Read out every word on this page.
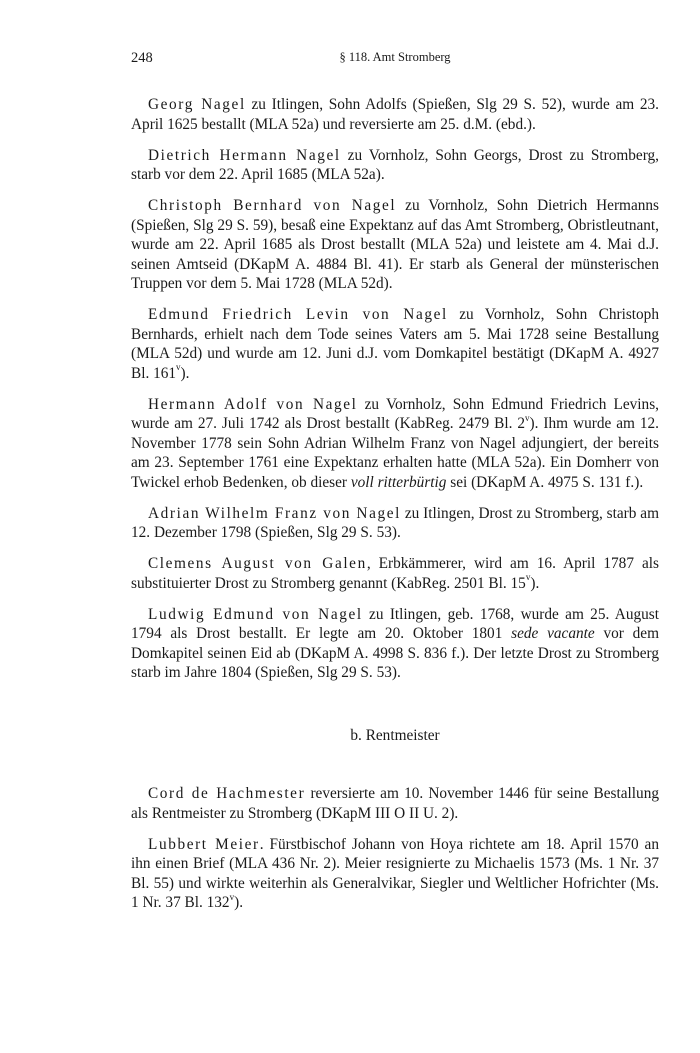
248	§ 118. Amt Stromberg

Georg Nagel zu Itlingen, Sohn Adolfs (Spießen, Slg 29 S. 52), wurde am 23. April 1625 bestallt (MLA 52a) und reversierte am 25. d.M. (ebd.).

Dietrich Hermann Nagel zu Vornholz, Sohn Georgs, Drost zu Stromberg, starb vor dem 22. April 1685 (MLA 52a).

Christoph Bernhard von Nagel zu Vornholz, Sohn Dietrich Hermanns (Spießen, Slg 29 S. 59), besaß eine Expektanz auf das Amt Stromberg, Obristleutnant, wurde am 22. April 1685 als Drost bestallt (MLA 52a) und leistete am 4. Mai d.J. seinen Amtseid (DKapM A. 4884 Bl. 41). Er starb als General der münsterischen Truppen vor dem 5. Mai 1728 (MLA 52d).

Edmund Friedrich Levin von Nagel zu Vornholz, Sohn Christoph Bernhards, erhielt nach dem Tode seines Vaters am 5. Mai 1728 seine Bestallung (MLA 52d) und wurde am 12. Juni d.J. vom Domkapitel bestätigt (DKapM A. 4927 Bl. 161$^v$).

Hermann Adolf von Nagel zu Vornholz, Sohn Edmund Friedrich Levins, wurde am 27. Juli 1742 als Drost bestallt (KabReg. 2479 Bl. 2$^v$). Ihm wurde am 12. November 1778 sein Sohn Adrian Wilhelm Franz von Nagel adjungiert, der bereits am 23. September 1761 eine Expektanz erhalten hatte (MLA 52a). Ein Domherr von Twickel erhob Bedenken, ob dieser voll ritterbürtig sei (DKapM A. 4975 S. 131 f.).

Adrian Wilhelm Franz von Nagel zu Itlingen, Drost zu Stromberg, starb am 12. Dezember 1798 (Spießen, Slg 29 S. 53).

Clemens August von Galen, Erbkämmerer, wird am 16. April 1787 als substituierter Drost zu Stromberg genannt (KabReg. 2501 Bl. 15$^v$).

Ludwig Edmund von Nagel zu Itlingen, geb. 1768, wurde am 25. August 1794 als Drost bestallt. Er legte am 20. Oktober 1801 sede vacante vor dem Domkapitel seinen Eid ab (DKapM A. 4998 S. 836 f.). Der letzte Drost zu Stromberg starb im Jahre 1804 (Spießen, Slg 29 S. 53).

b. Rentmeister

Cord de Hachmester reversierte am 10. November 1446 für seine Bestallung als Rentmeister zu Stromberg (DKapM III O II U. 2).

Lubbert Meier. Fürstbischof Johann von Hoya richtete am 18. April 1570 an ihn einen Brief (MLA 436 Nr. 2). Meier resignierte zu Michaelis 1573 (Ms. 1 Nr. 37 Bl. 55) und wirkte weiterhin als Generalvikar, Siegler und Weltlicher Hofrichter (Ms. 1 Nr. 37 Bl. 132$^v$).
